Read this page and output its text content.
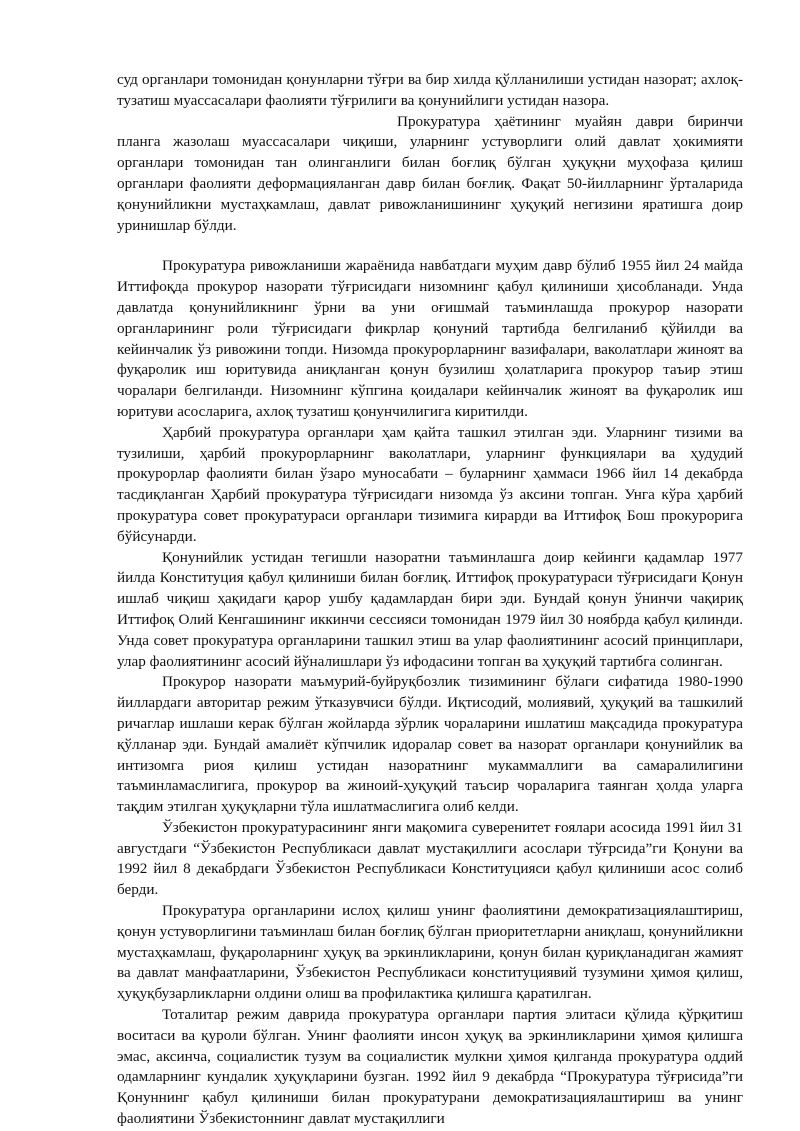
суд органлари томонидан қонунларни тўғри ва бир хилда қўлланилиши устидан назорат; ахлоқ-тузатиш муассасалари фаолияти тўғрилиги ва қонунийлиги устидан назора.

Прокуратура ҳаётининг муайян даври биринчи планга жазолаш муассасалари чиқиши, уларнинг устуворлиги олий давлат ҳокимияти органлари томонидан тан олинганлиги билан боғлиқ бўлган ҳуқуқни муҳофаза қилиш органлари фаолияти деформацияланган давр билан боғлиқ. Фақат 50-йилларнинг ўрталарида қонунийликни мустаҳкамлаш, давлат ривожланишининг ҳуқуқий негизини яратишга доир уринишлар бўлди.

Прокуратура ривожланиши жараёнида навбатдаги муҳим давр бўлиб 1955 йил 24 майда Иттифоқда прокурор назорати тўғрисидаги низомнинг қабул қилиниши ҳисобланади. Унда давлатда қонунийликнинг ўрни ва уни оғишмай таъминлашда прокурор назорати органларининг роли тўғрисидаги фикрлар қонуний тартибда белгиланиб қўйилди ва кейинчалик ўз ривожини топди. Низомда прокурорларнинг вазифалари, ваколатлари жиноят ва фуқаролик иш юритувида аниқланган қонун бузилиш ҳолатларига прокурор таъир этиш чоралари белгиланди. Низомнинг кўпгина қоидалари кейинчалик жиноят ва фуқаролик иш юритуви асосларига, ахлоқ тузатиш қонунчилигига киритилди.

Ҳарбий прокуратура органлари ҳам қайта ташкил этилган эди. Уларнинг тизими ва тузилиши, ҳарбий прокурорларнинг ваколатлари, уларнинг функциялари ва ҳудудий прокурорлар фаолияти билан ўзаро муносабати – буларнинг ҳаммаси 1966 йил 14 декабрда тасдиқланган Ҳарбий прокуратура тўғрисидаги низомда ўз аксини топган. Унга кўра ҳарбий прокуратура совет прокуратураси органлари тизимига кирарди ва Иттифоқ Бош прокурорига бўйсунарди.

Қонунийлик устидан тегишли назоратни таъминлашга доир кейинги қадамлар 1977 йилда Конституция қабул қилиниши билан боғлиқ. Иттифоқ прокуратураси тўғрисидаги Қонун ишлаб чиқиш ҳақидаги қарор ушбу қадамлардан бири эди. Бундай қонун ўнинчи чақириқ Иттифоқ Олий Кенгашининг иккинчи сессияси томонидан 1979 йил 30 ноябрда қабул қилинди. Унда совет прокуратура органларини ташкил этиш ва улар фаолиятининг асосий принциплари, улар фаолиятининг асосий йўналишлари ўз ифодасини топган ва ҳуқуқий тартибга солинган.

Прокурор назорати маъмурий-буйруқбозлик тизимининг бўлаги сифатида 1980-1990 йиллардаги авторитар режим ўтказувчиси бўлди. Иқтисодий, молиявий, ҳуқуқий ва ташкилий ричаглар ишлаши керак бўлган жойларда зўрлик чораларини ишлатиш мақсадида прокуратура қўлланар эди. Бундай амалиёт кўпчилик идоралар совет ва назорат органлари қонунийлик ва интизомга риоя қилиш устидан назоратнинг мукаммаллиги ва самаралилигини таъминламаслигига, прокурор ва жиноий-ҳуқуқий таъсир чораларига таянган ҳолда уларга тақдим этилган ҳуқуқларни тўла ишлатмаслигига олиб келди.

Ўзбекистон прокуратурасининг янги мақомига суверенитет ғоялари асосида 1991 йил 31 августдаги “Ўзбекистон Республикаси давлат мустақиллиги асослари тўғрсида”ги Қонуни ва 1992 йил 8 декабрдаги Ўзбекистон Республикаси Конституцияси қабул қилиниши асос солиб берди.

Прокуратура органларини ислоҳ қилиш унинг фаолиятини демократизациялаштириш, қонун устуворлигини таъминлаш билан боғлиқ бўлган приоритетларни аниқлаш, қонунийликни мустаҳкамлаш, фуқароларнинг ҳуқуқ ва эркинликларини, қонун билан қуриқланадиган жамият ва давлат манфаатларини, Ўзбекистон Республикаси конституциявий тузумини ҳимоя қилиш, ҳуқуқбузарликларни олдини олиш ва профилактика қилишга қаратилган.

Тоталитар режим даврида прокуратура органлари партия элитаси қўлида қўрқитиш воситаси ва қуроли бўлган. Унинг фаолияти инсон ҳуқуқ ва эркинликларини ҳимоя қилишга эмас, аксинча, социалистик тузум ва социалистик мулкни ҳимоя қилганда прокуратура оддий одамларнинг кундалик ҳуқуқларини бузган. 1992 йил 9 декабрда “Прокуратура тўғрисида”ги Қонуннинг қабул қилиниши билан прокуратурани демократизациялаштириш ва унинг фаолиятини Ўзбекистоннинг давлат мустақиллиги
